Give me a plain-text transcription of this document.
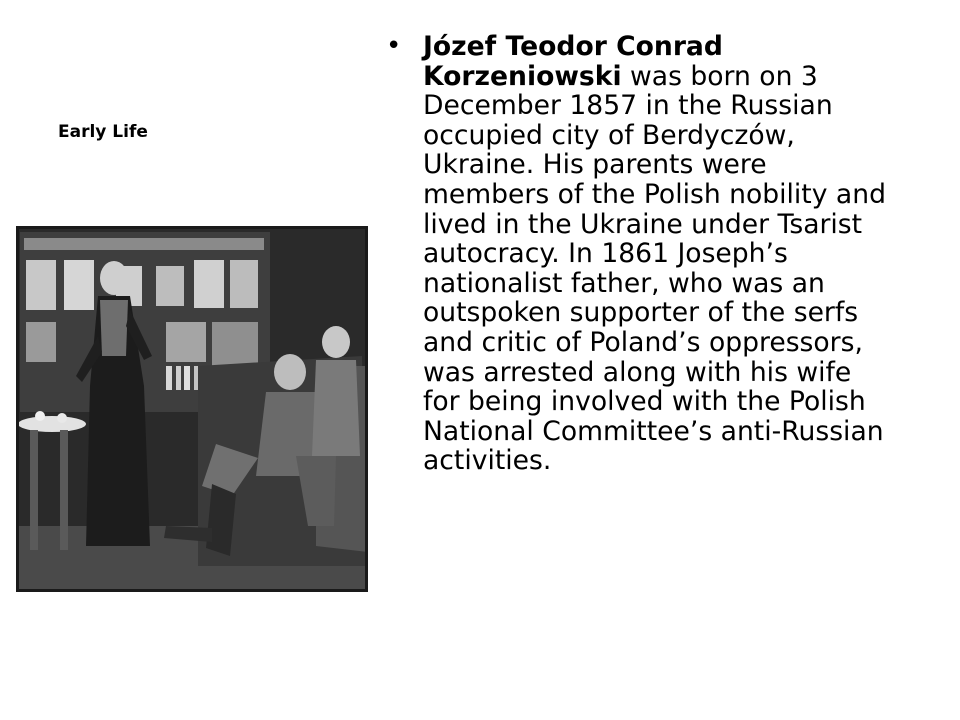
Early Life
• Józef Teodor Conrad Korzeniowski was born on 3 December 1857 in the Russian occupied city of Berdyczów, Ukraine. His parents were members of the Polish nobility and lived in the Ukraine under Tsarist autocracy. In 1861 Joseph’s nationalist father, who was an outspoken supporter of the serfs and critic of Poland’s oppressors, was arrested along with his wife for being involved with the Polish National Committee’s anti-Russian activities.
